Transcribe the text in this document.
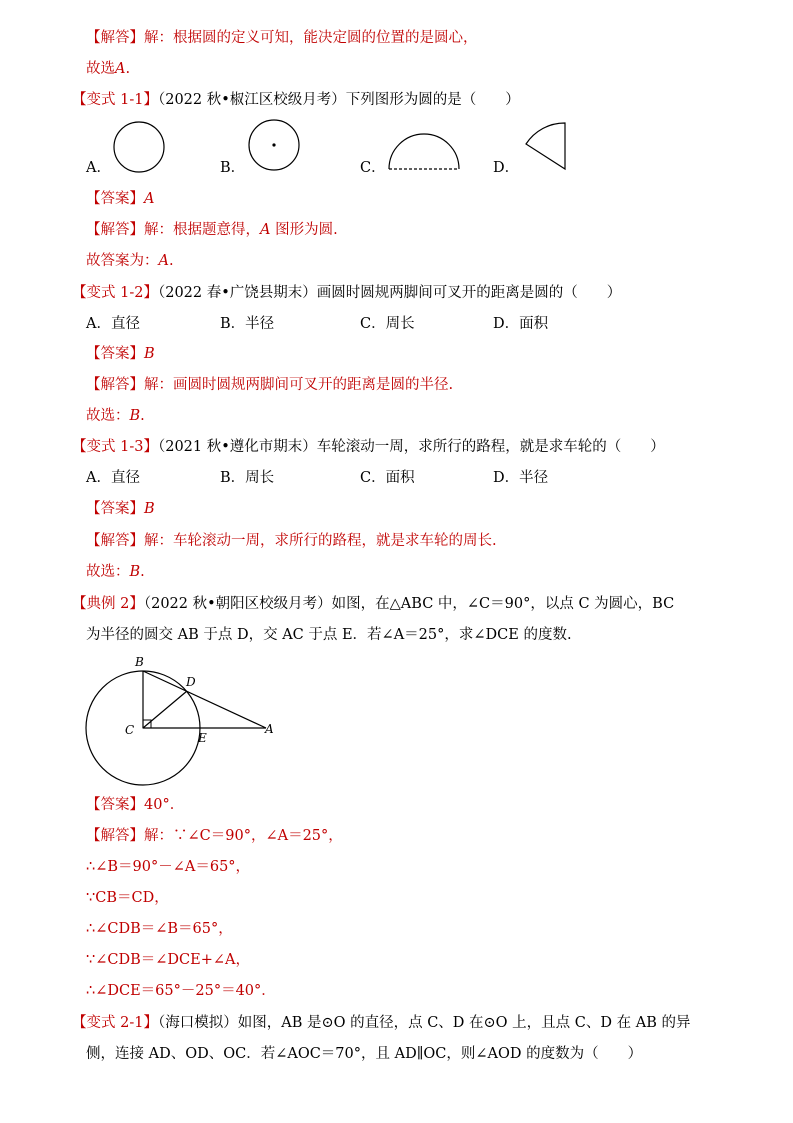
【解答】解：根据圆的定义可知，能决定圆的位置的是圆心，
故选A.
【变式 1-1】（2022 秋•椒江区校级月考）下列图形为圆的是（　　）
A．	B．	C．	D．
【答案】A
【解答】解：根据题意得，A 图形为圆.
故答案为：A.
【变式 1-2】（2022 春•广饶县期末）画圆时圆规两脚间可叉开的距离是圆的（　　）
A．直径	B．半径	C．周长	D．面积
【答案】B
【解答】解：画圆时圆规两脚间可叉开的距离是圆的半径.
故选：B.
【变式 1-3】（2021 秋•遵化市期末）车轮滚动一周，求所行的路程，就是求车轮的（　　）
A．直径	B．周长	C．面积	D．半径
【答案】B
【解答】解：车轮滚动一周，求所行的路程，就是求车轮的周长.
故选：B.
【典例 2】（2022 秋•朝阳区校级月考）如图，在△ABC 中，∠C＝90°，以点 C 为圆心，BC
为半径的圆交 AB 于点 D，交 AC 于点 E．若∠A＝25°，求∠DCE 的度数.
B
D
C
E
A
【答案】40°．
【解答】解：∵∠C＝90°，∠A＝25°，
∴∠B＝90°－∠A＝65°，
∵CB＝CD，
∴∠CDB＝∠B＝65°，
∵∠CDB＝∠DCE+∠A，
∴∠DCE＝65°－25°＝40°．
【变式 2-1】（海口模拟）如图，AB 是⊙O 的直径，点 C、D 在⊙O 上，且点 C、D 在 AB 的异
侧，连接 AD、OD、OC．若∠AOC＝70°，且 AD∥OC，则∠AOD 的度数为（　　）
